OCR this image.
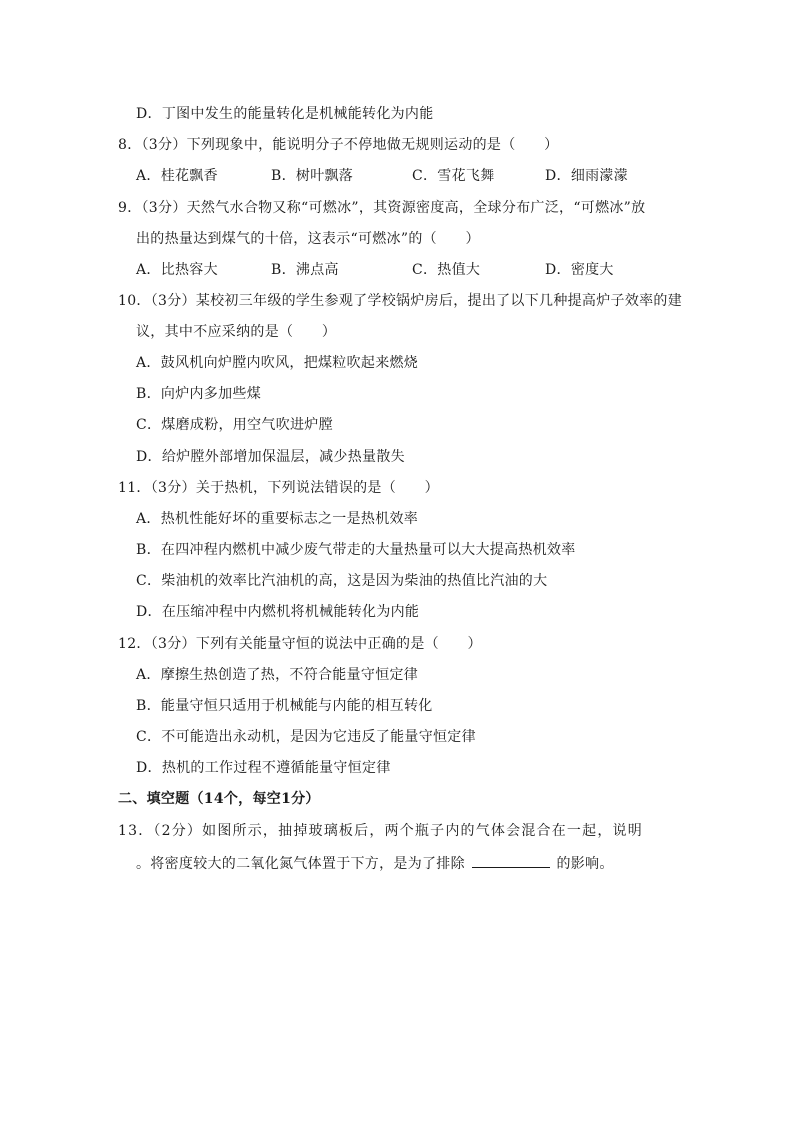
D．丁图中发生的能量转化是机械能转化为内能
8．（3分）下列现象中，能说明分子不停地做无规则运动的是（　　）
A．桂花飘香	B．树叶飘落	C．雪花飞舞	D．细雨濛濛
9．（3分）天然气水合物又称“可燃冰”，其资源密度高，全球分布广泛，“可燃冰”放
出的热量达到煤气的十倍，这表示“可燃冰”的（　　）
A．比热容大	B．沸点高	C．热值大	D．密度大
10．（3分）某校初三年级的学生参观了学校锅炉房后，提出了以下几种提高炉子效率的建
议，其中不应采纳的是（　　）
A．鼓风机向炉膛内吹风，把煤粒吹起来燃烧
B．向炉内多加些煤
C．煤磨成粉，用空气吹进炉膛
D．给炉膛外部增加保温层，减少热量散失
11．（3分）关于热机，下列说法错误的是（　　）
A．热机性能好坏的重要标志之一是热机效率
B．在四冲程内燃机中减少废气带走的大量热量可以大大提高热机效率
C．柴油机的效率比汽油机的高，这是因为柴油的热值比汽油的大
D．在压缩冲程中内燃机将机械能转化为内能
12．（3分）下列有关能量守恒的说法中正确的是（　　）
A．摩擦生热创造了热，不符合能量守恒定律
B．能量守恒只适用于机械能与内能的相互转化
C．不可能造出永动机，是因为它违反了能量守恒定律
D．热机的工作过程不遵循能量守恒定律
二、填空题（14个，每空1分）
13．（2分）如图所示，抽掉玻璃板后，两个瓶子内的气体会混合在一起，说明
。将密度较大的二氧化氮气体置于下方，是为了排除	的影响。
